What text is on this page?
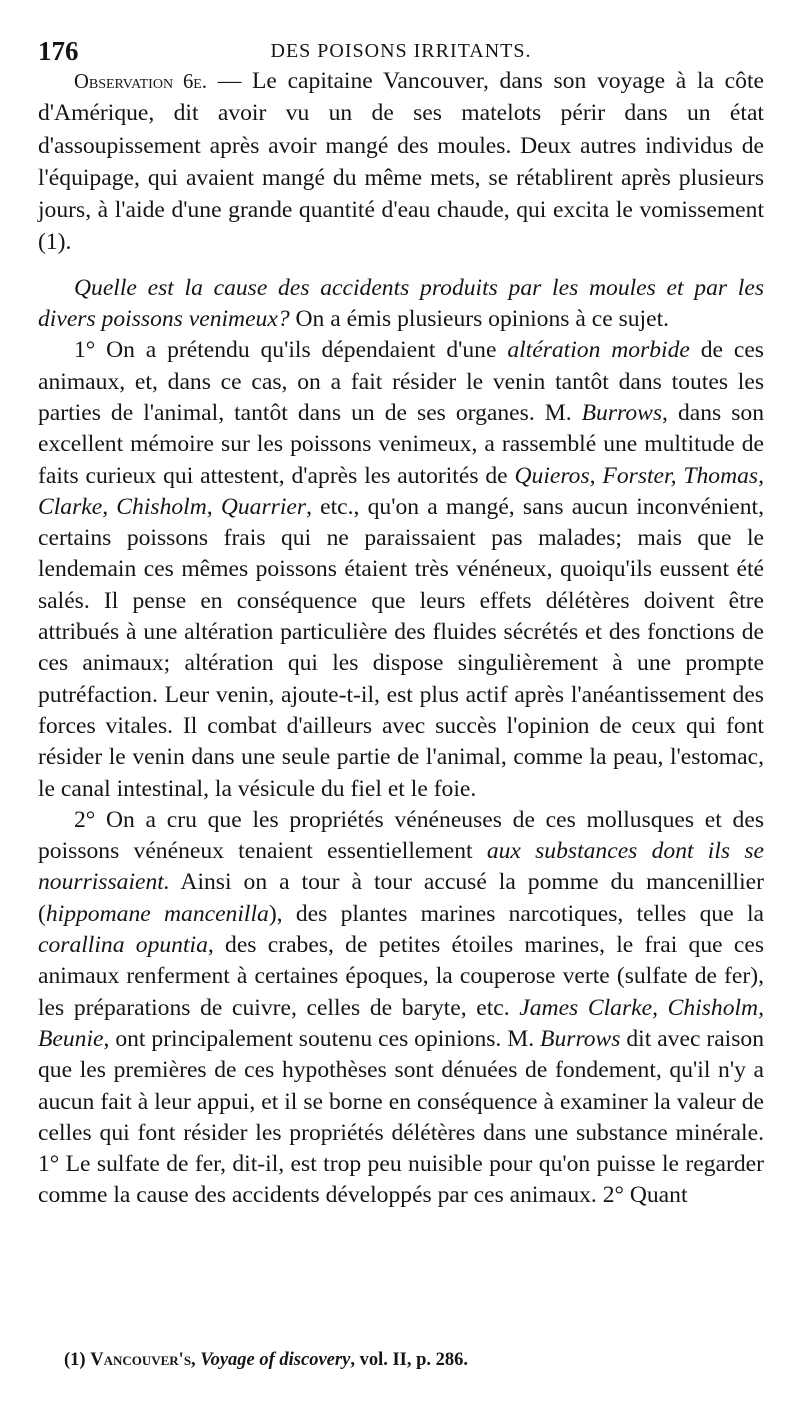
176	DES POISONS IRRITANTS.

Observation 6e. — Le capitaine Vancouver, dans son voyage à la côte d'Amérique, dit avoir vu un de ses matelots périr dans un état d'assoupissement après avoir mangé des moules. Deux autres individus de l'équipage, qui avaient mangé du même mets, se rétablirent après plusieurs jours, à l'aide d'une grande quantité d'eau chaude, qui excita le vomissement (1).

Quelle est la cause des accidents produits par les moules et par les divers poissons venimeux? On a émis plusieurs opinions à ce sujet.

1° On a prétendu qu'ils dépendaient d'une altération morbide de ces animaux, et, dans ce cas, on a fait résider le venin tantôt dans toutes les parties de l'animal, tantôt dans un de ses organes. M. Burrows, dans son excellent mémoire sur les poissons venimeux, a rassemblé une multitude de faits curieux qui attestent, d'après les autorités de Quieros, Forster, Thomas, Clarke, Chisholm, Quarrier, etc., qu'on a mangé, sans aucun inconvénient, certains poissons frais qui ne paraissaient pas malades; mais que le lendemain ces mêmes poissons étaient très vénéneux, quoiqu'ils eussent été salés. Il pense en conséquence que leurs effets délétères doivent être attribués à une altération particulière des fluides sécrétés et des fonctions de ces animaux; altération qui les dispose singulièrement à une prompte putréfaction. Leur venin, ajoute-t-il, est plus actif après l'anéantissement des forces vitales. Il combat d'ailleurs avec succès l'opinion de ceux qui font résider le venin dans une seule partie de l'animal, comme la peau, l'estomac, le canal intestinal, la vésicule du fiel et le foie.

2° On a cru que les propriétés vénéneuses de ces mollusques et des poissons vénéneux tenaient essentiellement aux substances dont ils se nourrissaient. Ainsi on a tour à tour accusé la pomme du mancenillier (hippomane mancenilla), des plantes marines narcotiques, telles que la corallina opuntia, des crabes, de petites étoiles marines, le frai que ces animaux renferment à certaines époques, la couperose verte (sulfate de fer), les préparations de cuivre, celles de baryte, etc. James Clarke, Chisholm, Beunie, ont principalement soutenu ces opinions. M. Burrows dit avec raison que les premières de ces hypothèses sont dénuées de fondement, qu'il n'y a aucun fait à leur appui, et il se borne en conséquence à examiner la valeur de celles qui font résider les propriétés délétères dans une substance minérale. 1° Le sulfate de fer, dit-il, est trop peu nuisible pour qu'on puisse le regarder comme la cause des accidents développés par ces animaux. 2° Quant

(1) Vancouver's, Voyage of discovery, vol. II, p. 286.
